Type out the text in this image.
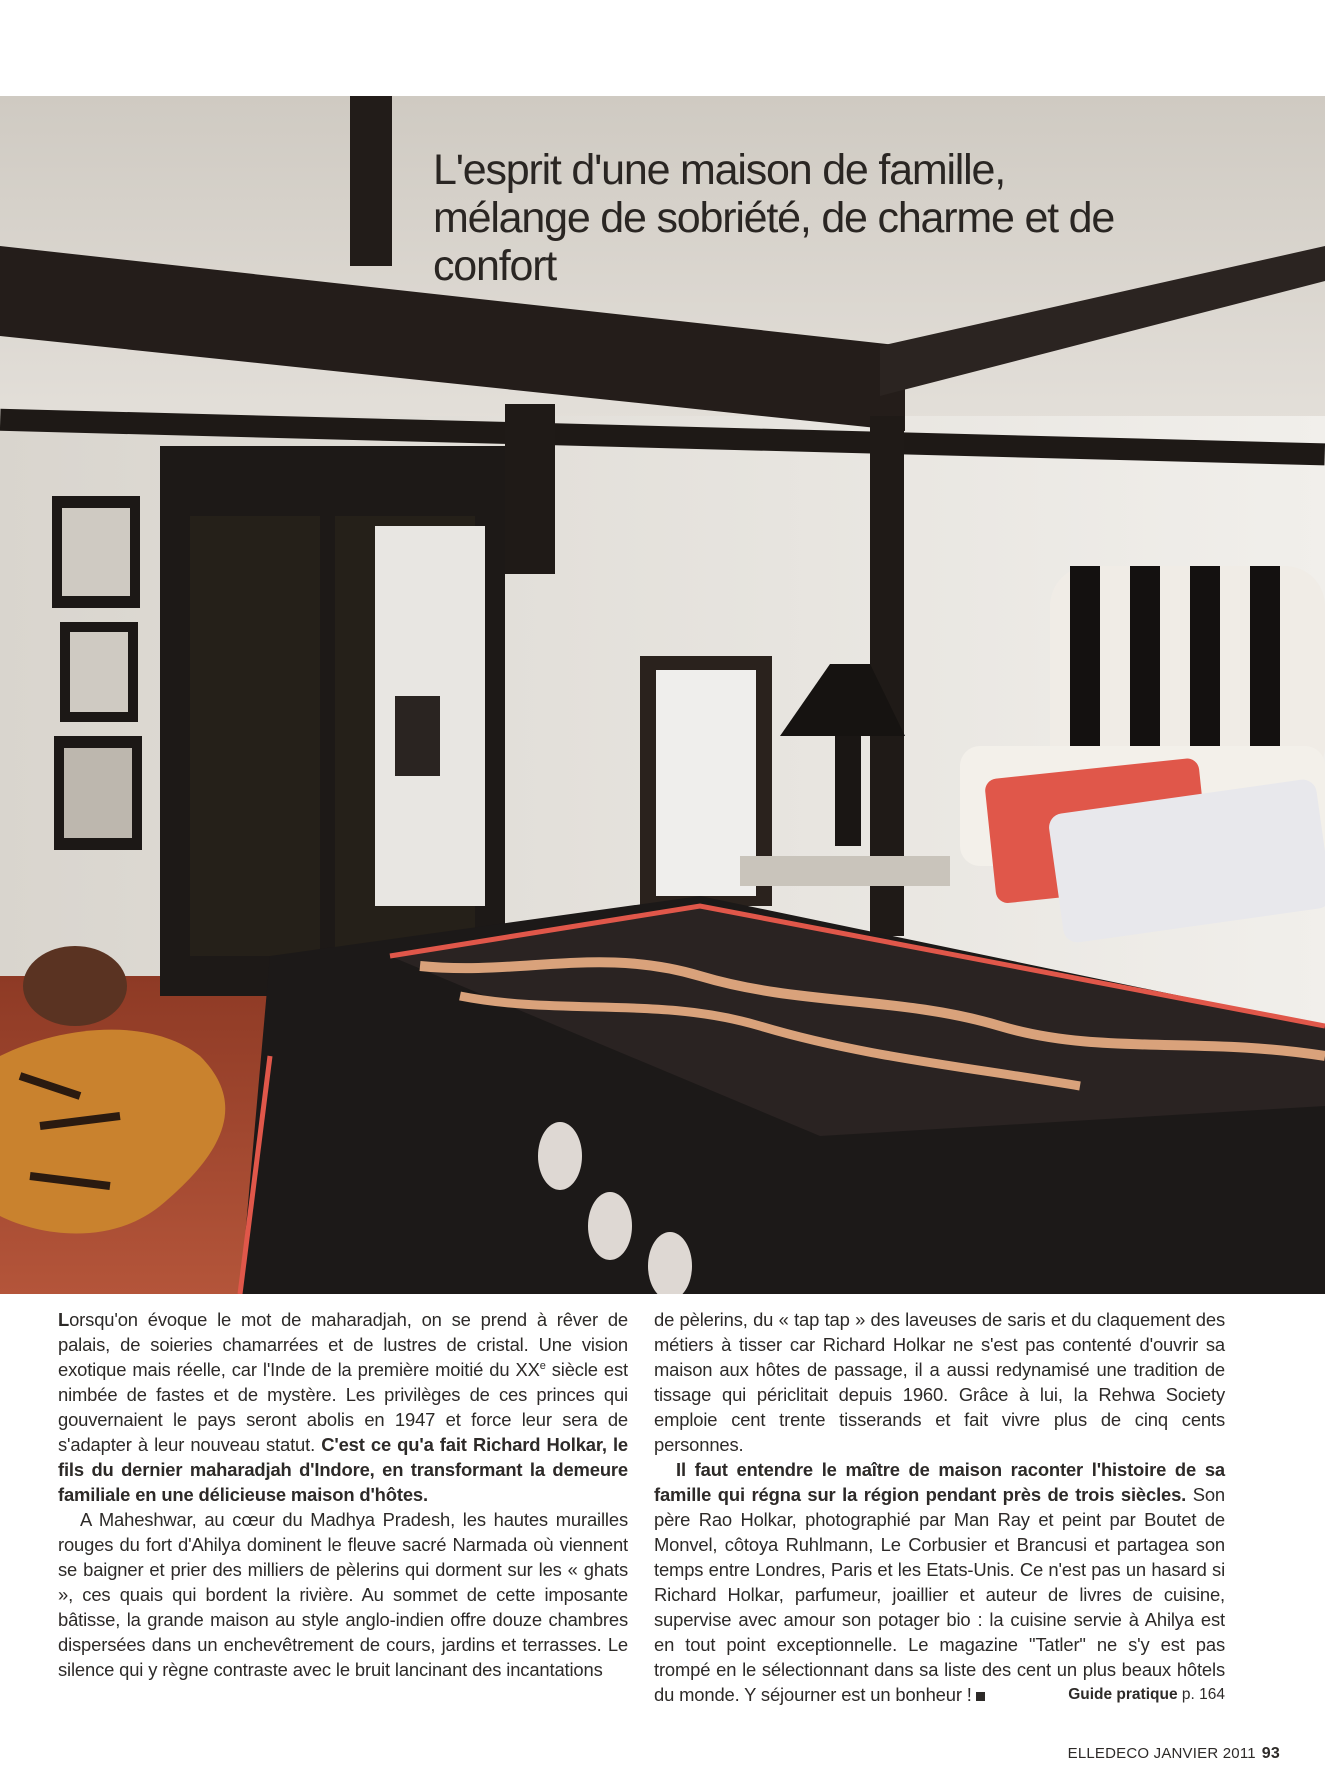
L'esprit d'une maison de famille, mélange de sobriété, de charme et de confort

Lorsqu'on évoque le mot de maharadjah, on se prend à rêver de palais, de soieries chamarrées et de lustres de cristal. Une vision exotique mais réelle, car l'Inde de la première moitié du XXe siècle est nimbée de fastes et de mystère. Les privilèges de ces princes qui gouvernaient le pays seront abolis en 1947 et force leur sera de s'adapter à leur nouveau statut. C'est ce qu'a fait Richard Holkar, le fils du dernier maharadjah d'Indore, en transformant la demeure familiale en une délicieuse maison d'hôtes.

A Maheshwar, au cœur du Madhya Pradesh, les hautes murailles rouges du fort d'Ahilya dominent le fleuve sacré Narmada où viennent se baigner et prier des milliers de pèlerins qui dorment sur les « ghats », ces quais qui bordent la rivière. Au sommet de cette imposante bâtisse, la grande maison au style anglo-indien offre douze chambres dispersées dans un enchevêtrement de cours, jardins et terrasses. Le silence qui y règne contraste avec le bruit lancinant des incantations

de pèlerins, du « tap tap » des laveuses de saris et du claquement des métiers à tisser car Richard Holkar ne s'est pas contenté d'ouvrir sa maison aux hôtes de passage, il a aussi redynamisé une tradition de tissage qui périclitait depuis 1960. Grâce à lui, la Rehwa Society emploie cent trente tisserands et fait vivre plus de cinq cents personnes.

Il faut entendre le maître de maison raconter l'histoire de sa famille qui régna sur la région pendant près de trois siècles. Son père Rao Holkar, photographié par Man Ray et peint par Boutet de Monvel, côtoya Ruhlmann, Le Corbusier et Brancusi et partagea son temps entre Londres, Paris et les Etats-Unis. Ce n'est pas un hasard si Richard Holkar, parfumeur, joaillier et auteur de livres de cuisine, supervise avec amour son potager bio : la cuisine servie à Ahilya est en tout point exceptionnelle. Le magazine "Tatler" ne s'y est pas trompé en le sélectionnant dans sa liste des cent un plus beaux hôtels du monde. Y séjourner est un bonheur !	Guide pratique p. 164

ELLEDECO JANVIER 2011 93
